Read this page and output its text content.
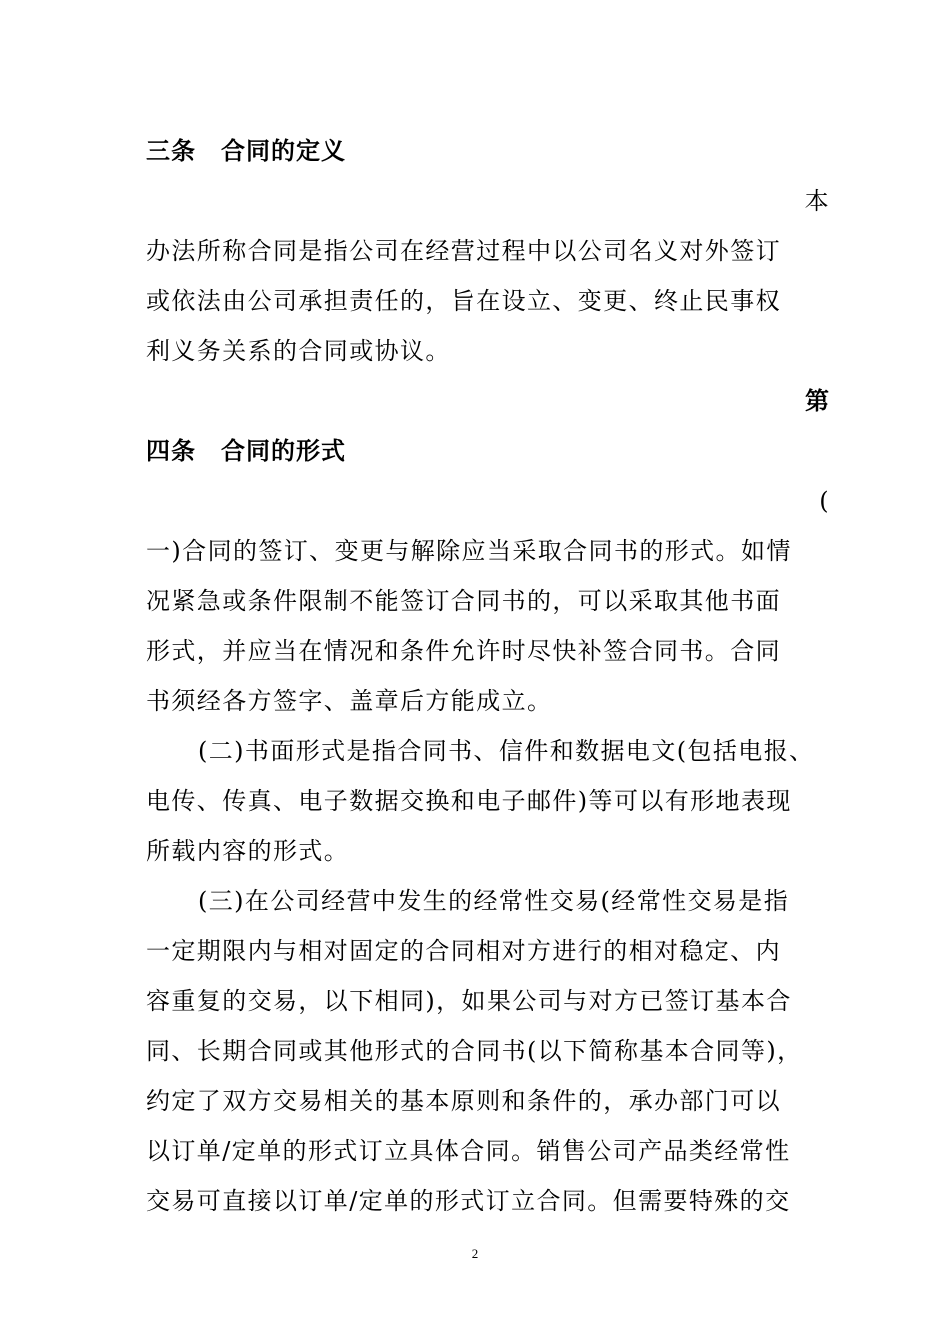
三条　合同的定义
本
办法所称合同是指公司在经营过程中以公司名义对外签订
或依法由公司承担责任的，旨在设立、变更、终止民事权
利义务关系的合同或协议。
第
四条　合同的形式
(
一)合同的签订、变更与解除应当采取合同书的形式。如情
况紧急或条件限制不能签订合同书的，可以采取其他书面
形式，并应当在情况和条件允许时尽快补签合同书。合同
书须经各方签字、盖章后方能成立。
(二)书面形式是指合同书、信件和数据电文(包括电报、
电传、传真、电子数据交换和电子邮件)等可以有形地表现
所载内容的形式。
(三)在公司经营中发生的经常性交易(经常性交易是指
一定期限内与相对固定的合同相对方进行的相对稳定、内
容重复的交易，以下相同)，如果公司与对方已签订基本合
同、长期合同或其他形式的合同书(以下简称基本合同等)，
约定了双方交易相关的基本原则和条件的，承办部门可以
以订单/定单的形式订立具体合同。销售公司产品类经常性
交易可直接以订单/定单的形式订立合同。但需要特殊的交
2
